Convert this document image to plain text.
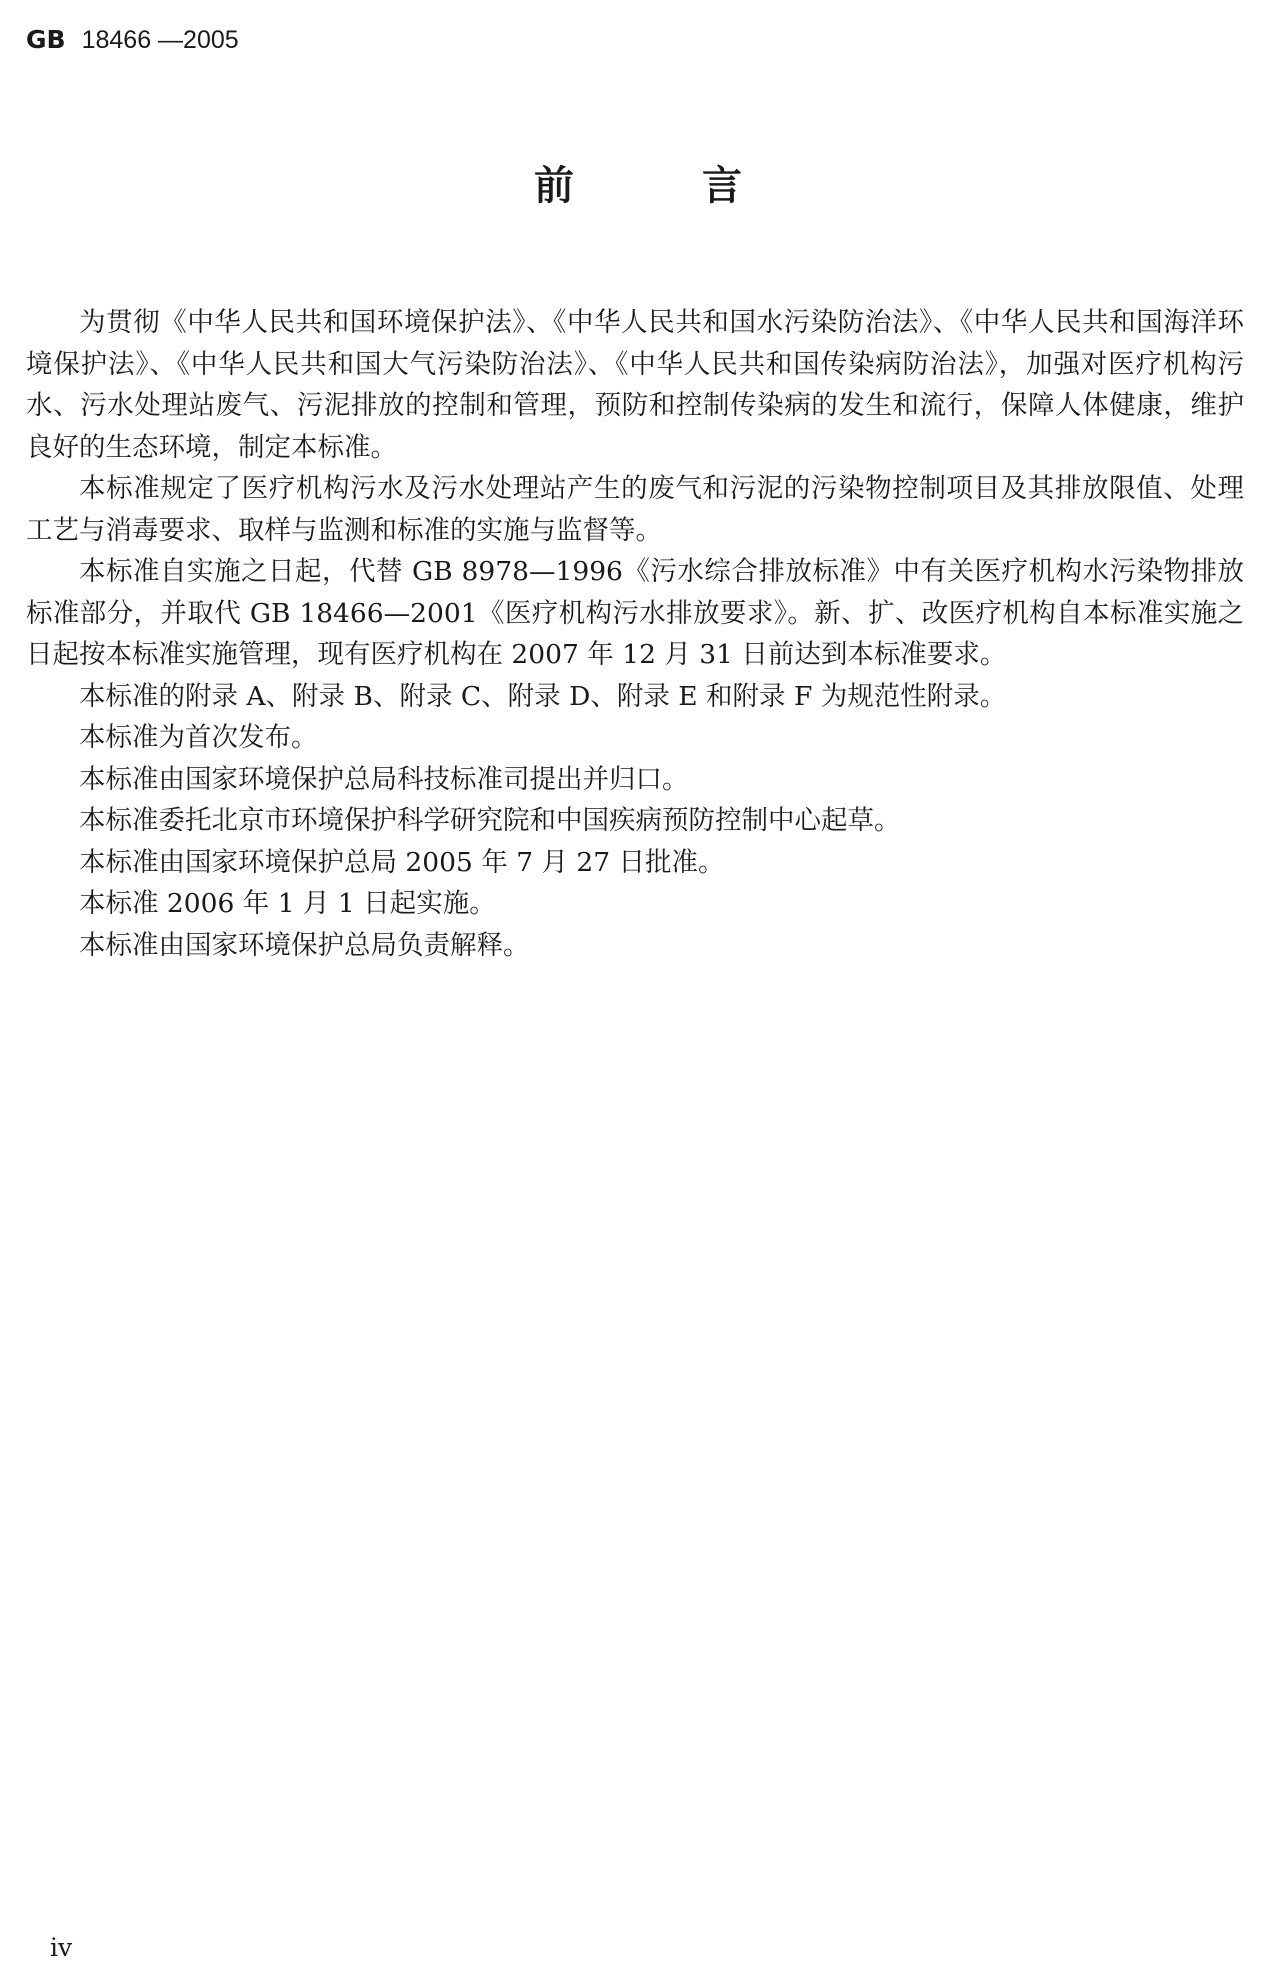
GB 18466 —2005
前言

为贯彻《中华人民共和国环境保护法》、《中华人民共和国水污染防治法》、《中华人民共和国海洋环境保护法》、《中华人民共和国大气污染防治法》、《中华人民共和国传染病防治法》，加强对医疗机构污水、污水处理站废气、污泥排放的控制和管理，预防和控制传染病的发生和流行，保障人体健康，维护良好的生态环境，制定本标准。

本标准规定了医疗机构污水及污水处理站产生的废气和污泥的污染物控制项目及其排放限值、处理工艺与消毒要求、取样与监测和标准的实施与监督等。

本标准自实施之日起，代替 GB 8978—1996《污水综合排放标准》中有关医疗机构水污染物排放标准部分，并取代 GB 18466—2001《医疗机构污水排放要求》。新、扩、改医疗机构自本标准实施之日起按本标准实施管理，现有医疗机构在 2007 年 12 月 31 日前达到本标准要求。

本标准的附录 A、附录 B、附录 C、附录 D、附录 E 和附录 F 为规范性附录。

本标准为首次发布。

本标准由国家环境保护总局科技标准司提出并归口。

本标准委托北京市环境保护科学研究院和中国疾病预防控制中心起草。

本标准由国家环境保护总局 2005 年 7 月 27 日批准。

本标准 2006 年 1 月 1 日起实施。

本标准由国家环境保护总局负责解释。

iv
